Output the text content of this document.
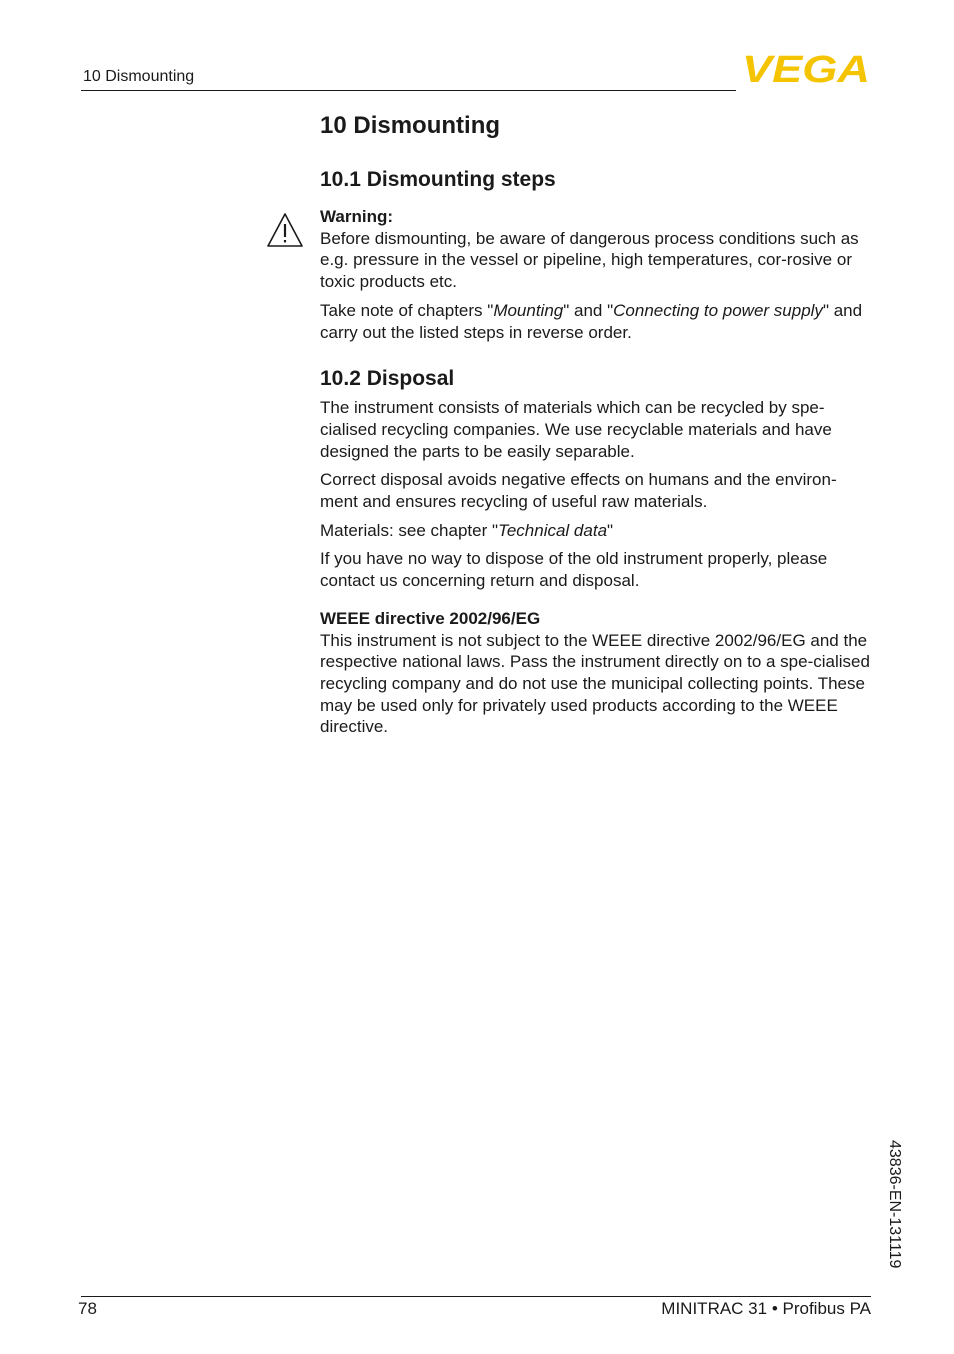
10 Dismounting	VEGA
10 Dismounting
10.1 Dismounting steps

Warning:

Before dismounting, be aware of dangerous process conditions such as e.g. pressure in the vessel or pipeline, high temperatures, cor-rosive or toxic products etc.

Take note of chapters "Mounting" and "Connecting to power supply" and carry out the listed steps in reverse order.

10.2 Disposal

The instrument consists of materials which can be recycled by spe-cialised recycling companies. We use recyclable materials and have designed the parts to be easily separable.

Correct disposal avoids negative effects on humans and the environ-ment and ensures recycling of useful raw materials.

Materials: see chapter "Technical data"

If you have no way to dispose of the old instrument properly, please contact us concerning return and disposal.

WEEE directive 2002/96/EG

This instrument is not subject to the WEEE directive 2002/96/EG and the respective national laws. Pass the instrument directly on to a spe-cialised recycling company and do not use the municipal collecting points. These may be used only for privately used products according to the WEEE directive.

43836-EN-131119
78	MINITRAC 31 • Profibus PA
